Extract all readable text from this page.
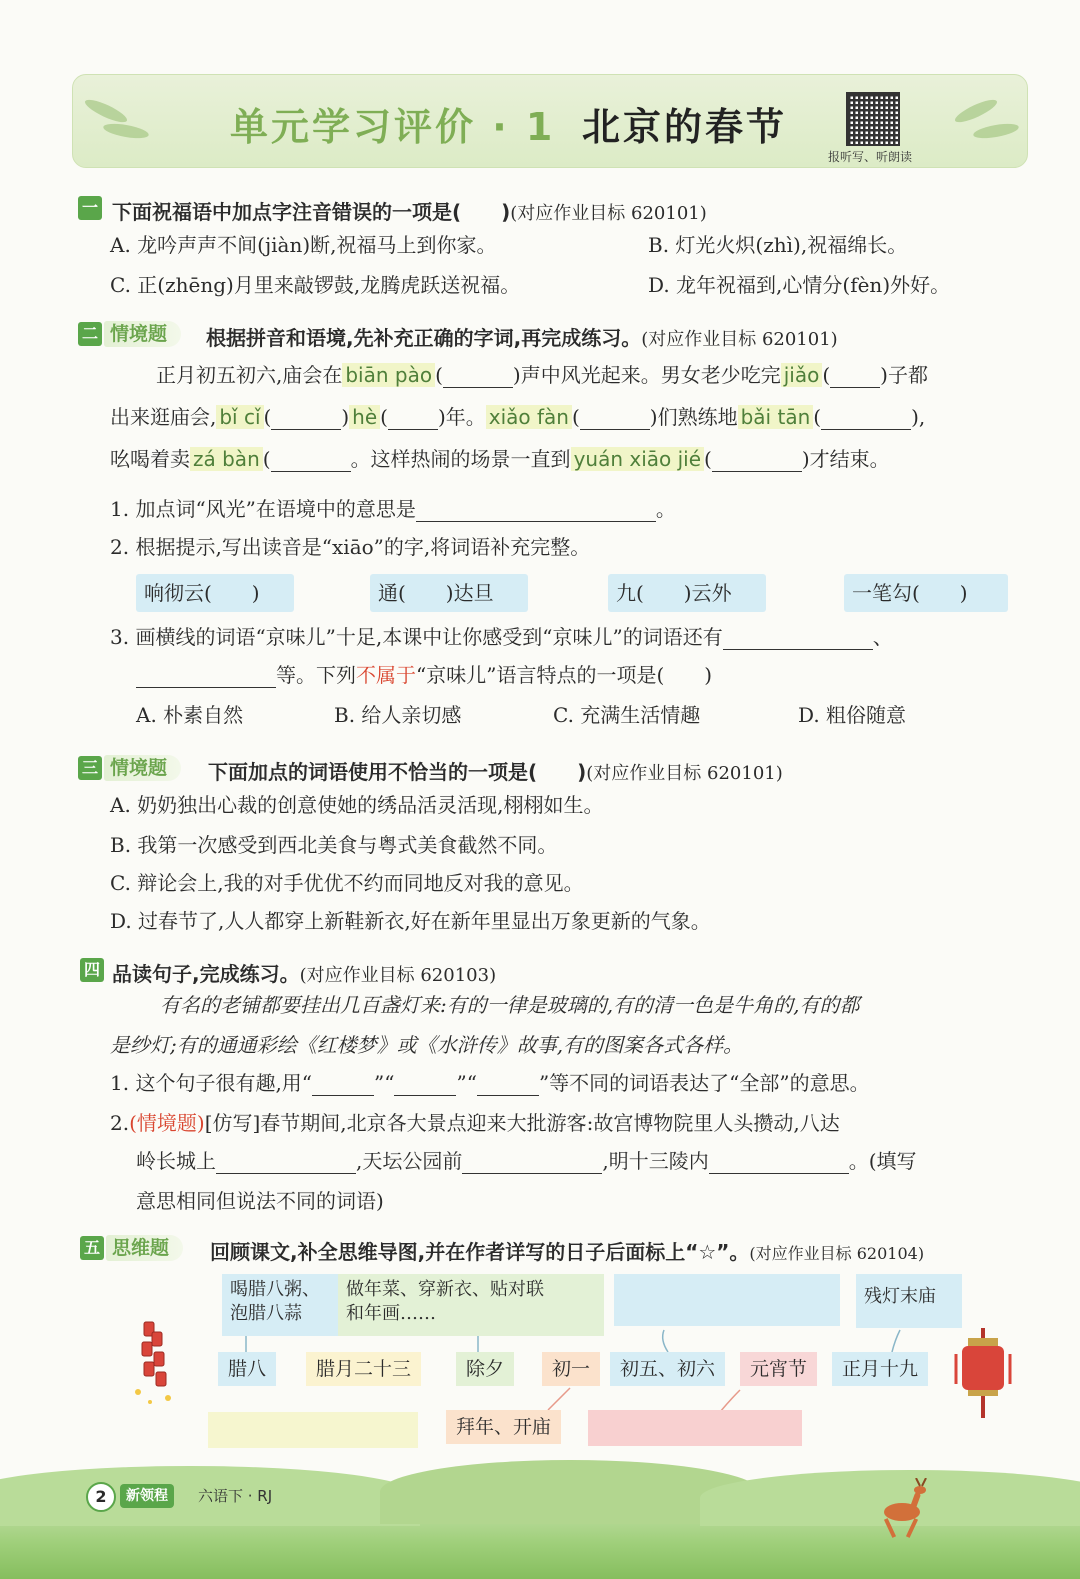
单元学习评价 · 1 北京的春节
报听写、听朗读
一 下面祝福语中加点字注音错误的一项是(　　)(对应作业目标 620101)
A. 龙吟声声不间(jiàn)断,祝福马上到你家。	B. 灯光火炽(zhì),祝福绵长。
C. 正(zhēng)月里来敲锣鼓,龙腾虎跃送祝福。	D. 龙年祝福到,心情分(fèn)外好。
二 情境题	根据拼音和语境,先补充正确的字词,再完成练习。(对应作业目标 620101)
正月初五初六,庙会在 biān pào (	)声中风光起来。男女老少吃完 jiǎo (	)子都
出来逛庙会, bǐ cǐ (	) hè (	)年。 xiǎo fàn (	)们熟练地 bǎi tān (	),
吆喝着卖 zá bàn (	。这样热闹的场景一直到 yuán xiāo jié (	)才结束。
1. 加点词“风光”在语境中的意思是	。
2. 根据提示,写出读音是“xiāo”的字,将词语补充完整。
响彻云(　　)	通(　　)达旦	九(　　)云外	一笔勾(　　)
3. 画横线的词语“京味儿”十足,本课中让你感受到“京味儿”的词语还有	、
等。下列不属于“京味儿”语言特点的一项是(　　)
A. 朴素自然	B. 给人亲切感	C. 充满生活情趣	D. 粗俗随意
三 情境题	下面加点的词语使用不恰当的一项是(　　)(对应作业目标 620101)
A. 奶奶独出心裁的创意使她的绣品活灵活现,栩栩如生。
B. 我第一次感受到西北美食与粤式美食截然不同。
C. 辩论会上,我的对手优优不约而同地反对我的意见。
D. 过春节了,人人都穿上新鞋新衣,好在新年里显出万象更新的气象。
四 品读句子,完成练习。(对应作业目标 620103)
有名的老铺都要挂出几百盏灯来:有的一律是玻璃的,有的清一色是牛角的,有的都
是纱灯;有的通通彩绘《红楼梦》或《水浒传》故事,有的图案各式各样。
1. 这个句子很有趣,用“	”“	”“	”等不同的词语表达了“全部”的意思。
2.(情境题)[仿写]春节期间,北京各大景点迎来大批游客:故宫博物院里人头攒动,八达
岭长城上	,天坛公园前	,明十三陵内	。(填写
意思相同但说法不同的词语)
五 思维题	回顾课文,补全思维导图,并在作者详写的日子后面标上“☆”。(对应作业目标 620104)
喝腊八粥、
泡腊八蒜
做年菜、穿新衣、贴对联
和年画……
残灯末庙
腊八	腊月二十三	除夕	初一	初五、初六	元宵节	正月十九
拜年、开庙
2	新领程	六语下 · RJ
